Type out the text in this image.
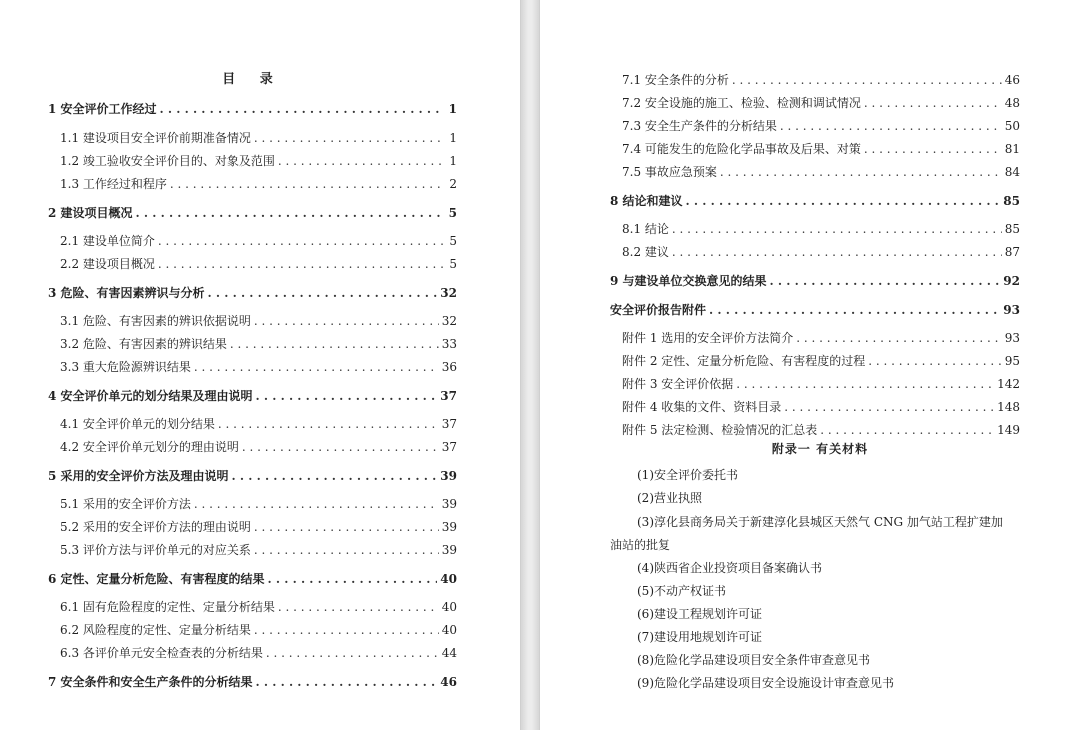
目 录
1 安全评价工作经过 . . .	1
1.1 建设项目安全评价前期准备情况 . . .	1
1.2 竣工验收安全评价目的、对象及范围 . . .	1
1.3 工作经过和程序 . . .	2
2 建设项目概况 . . .	5
2.1 建设单位简介 . . .	5
2.2 建设项目概况 . . .	5
3 危险、有害因素辨识与分析 . . .	32
3.1 危险、有害因素的辨识依据说明 . . .	32
3.2 危险、有害因素的辨识结果 . . .	33
3.3 重大危险源辨识结果 . . .	36
4 安全评价单元的划分结果及理由说明 . . .	37
4.1 安全评价单元的划分结果 . . .	37
4.2 安全评价单元划分的理由说明 . . .	37
5 采用的安全评价方法及理由说明 . . .	39
5.1 采用的安全评价方法 . . .	39
5.2 采用的安全评价方法的理由说明 . . .	39
5.3 评价方法与评价单元的对应关系 . . .	39
6 定性、定量分析危险、有害程度的结果 . . .	40
6.1 固有危险程度的定性、定量分析结果 . . .	40
6.2 风险程度的定性、定量分析结果 . . .	40
6.3 各评价单元安全检查表的分析结果 . . .	44
7 安全条件和安全生产条件的分析结果 . . .	46
7.1 安全条件的分析 . . .	46
7.2 安全设施的施工、检验、检测和调试情况 . . .	48
7.3 安全生产条件的分析结果 . . .	50
7.4 可能发生的危险化学品事故及后果、对策 . . .	81
7.5 事故应急预案 . . .	84
8 结论和建议 . . .	85
8.1 结论 . . .	85
8.2 建议 . . .	87
9 与建设单位交换意见的结果 . . .	92
安全评价报告附件 . . .	93
附件 1 选用的安全评价方法简介 . . .	93
附件 2 定性、定量分析危险、有害程度的过程 . . .	95
附件 3 安全评价依据 . . .	142
附件 4 收集的文件、资料目录 . . .	148
附件 5 法定检测、检验情况的汇总表 . . .	149
附录一 有关材料
(1)安全评价委托书
(2)营业执照
(3)淳化县商务局关于新建淳化县城区天然气 CNG 加气站工程扩建加
油站的批复
(4)陕西省企业投资项目备案确认书
(5)不动产权证书
(6)建设工程规划许可证
(7)建设用地规划许可证
(8)危险化学品建设项目安全条件审查意见书
(9)危险化学品建设项目安全设施设计审查意见书
